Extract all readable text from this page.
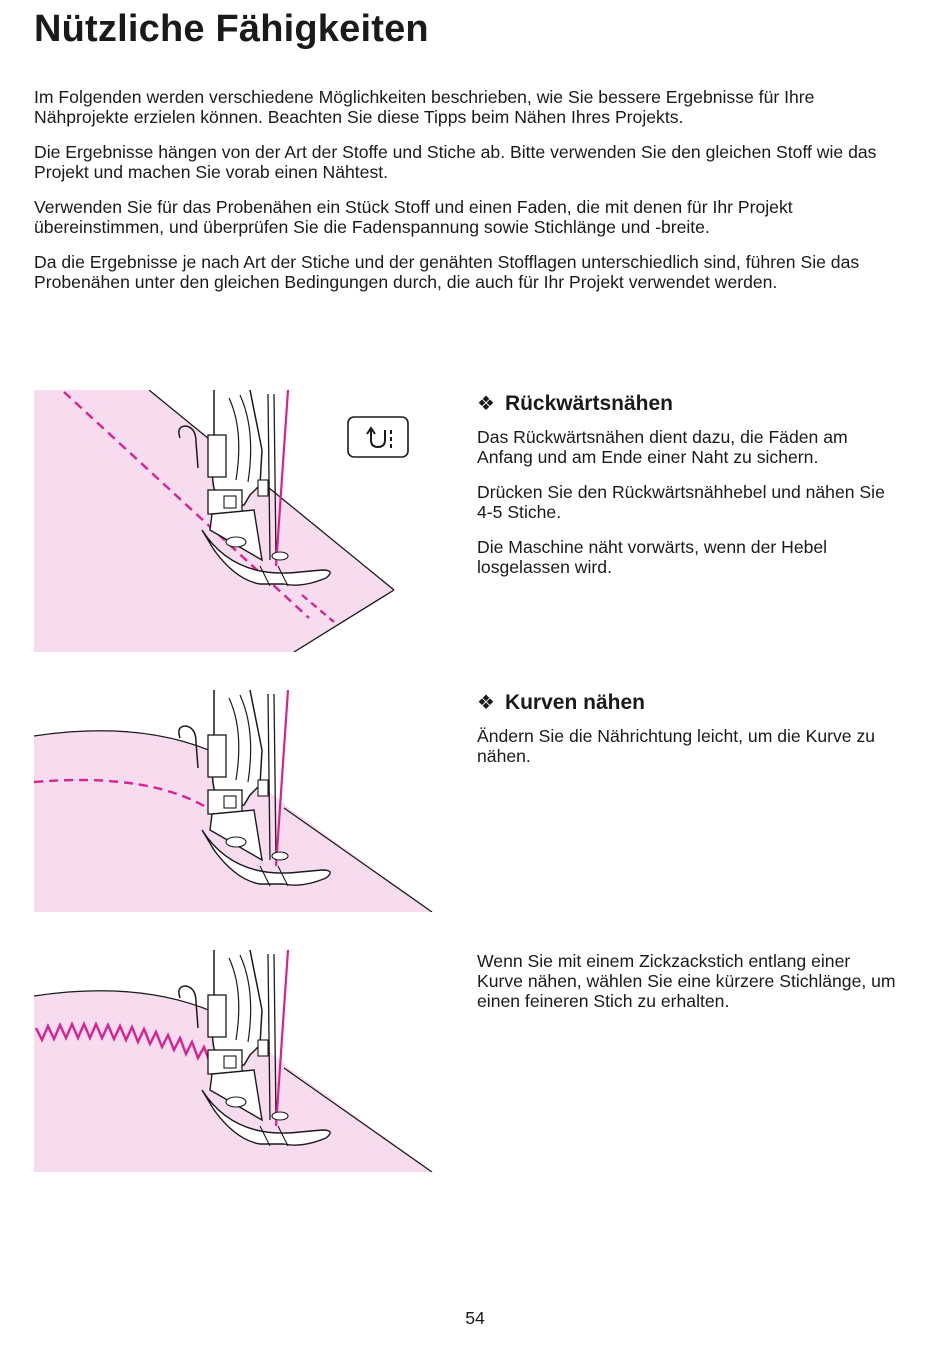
Nützliche Fähigkeiten

Im Folgenden werden verschiedene Möglichkeiten beschrieben, wie Sie bessere Ergebnisse für Ihre Nähprojekte erzielen können. Beachten Sie diese Tipps beim Nähen Ihres Projekts.

Die Ergebnisse hängen von der Art der Stoffe und Stiche ab. Bitte verwenden Sie den gleichen Stoff wie das Projekt und machen Sie vorab einen Nähtest.

Verwenden Sie für das Probenähen ein Stück Stoff und einen Faden, die mit denen für Ihr Projekt übereinstimmen, und überprüfen Sie die Fadenspannung sowie Stichlänge und -breite.

Da die Ergebnisse je nach Art der Stiche und der genähten Stofflagen unterschiedlich sind, führen Sie das Probenähen unter den gleichen Bedingungen durch, die auch für Ihr Projekt verwendet werden.

❖ Rückwärtsnähen

Das Rückwärtsnähen dient dazu, die Fäden am Anfang und am Ende einer Naht zu sichern.

Drücken Sie den Rückwärtsnähhebel und nähen Sie 4-5 Stiche.

Die Maschine näht vorwärts, wenn der Hebel losgelassen wird.

❖ Kurven nähen

Ändern Sie die Nährichtung leicht, um die Kurve zu nähen.

Wenn Sie mit einem Zickzackstich entlang einer Kurve nähen, wählen Sie eine kürzere Stichlänge, um einen feineren Stich zu erhalten.

54
